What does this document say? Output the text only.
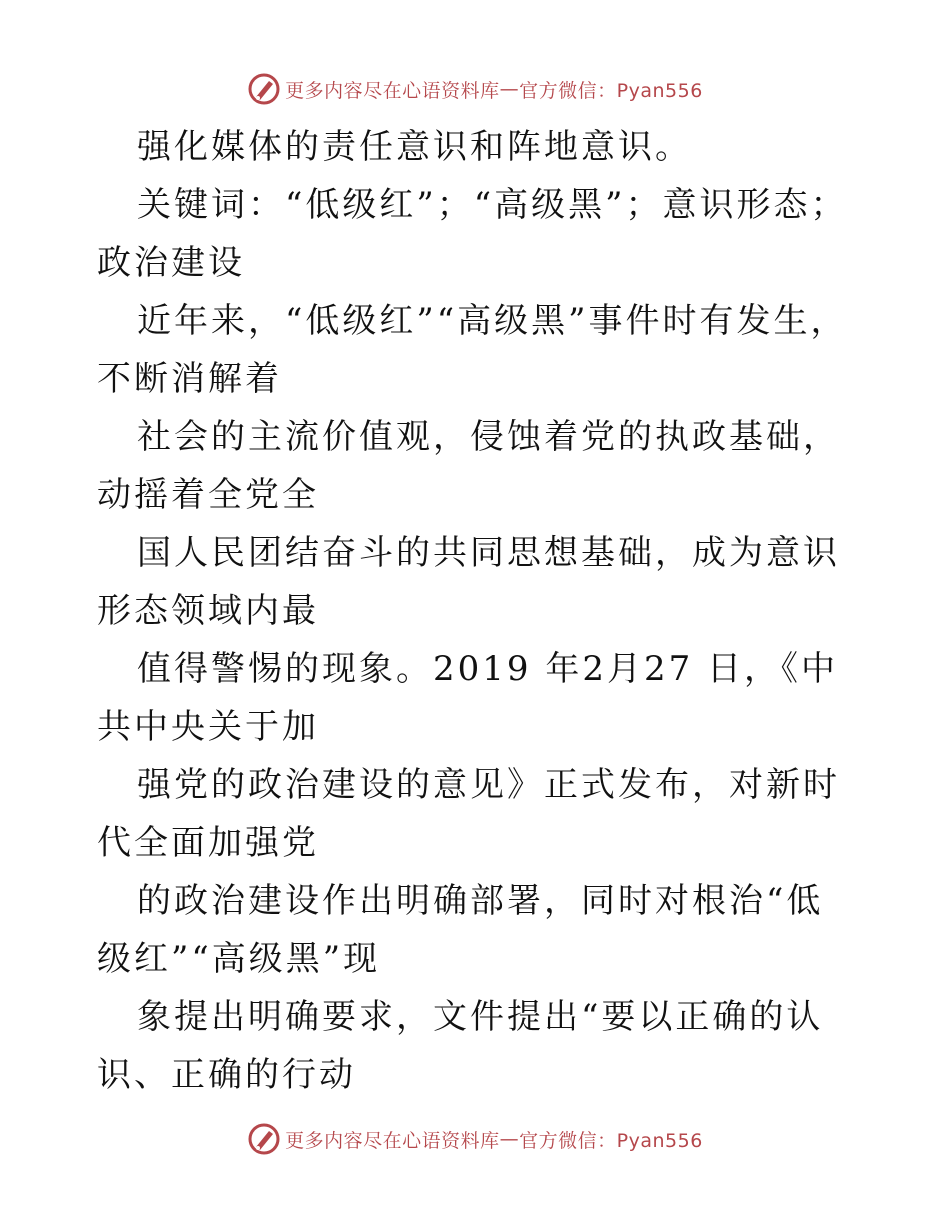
更多内容尽在心语资料库 — 官方微信：Pyan556

强化媒体的责任意识和阵地意识。

关键词：“低级红”；“高级黑”；意识形态；政治建设

近年来，“低级红”“高级黑”事件时有发生，不断消解着

社会的主流价值观，侵蚀着党的执政基础，动摇着全党全

国人民团结奋斗的共同思想基础，成为意识形态领域内最

值得警惕的现象。2019 年2月27 日，《中共中央关于加

强党的政治建设的意见》正式发布，对新时代全面加强党

的政治建设作出明确部署，同时对根治“低级红”“高级黑”现

象提出明确要求，文件提出“要以正确的认识、正确的行动

更多内容尽在心语资料库 — 官方微信：Pyan556
